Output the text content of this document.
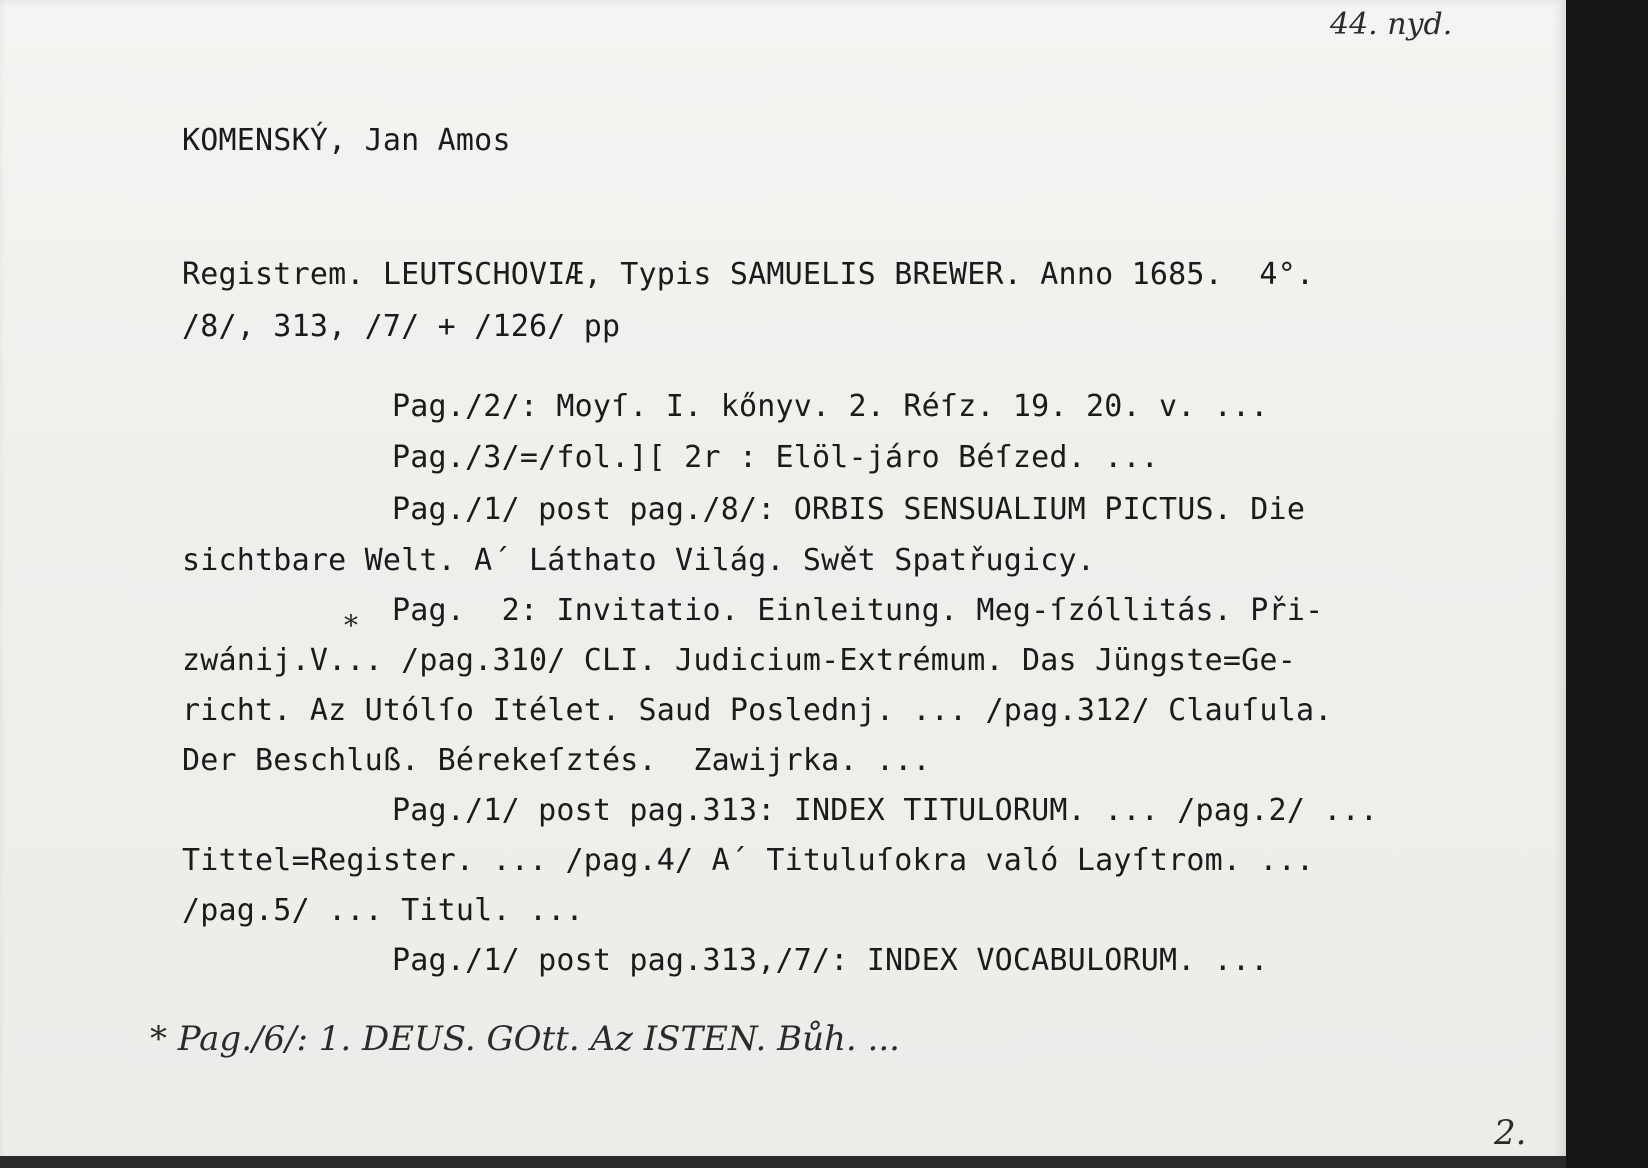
44. nyd.
KOMENSKÝ, Jan Amos
Registrem. LEUTSCHOVIÆ, Typis SAMUELIS BREWER. Anno 1685.  4°.
/8/, 313, /7/ + /126/ pp
Pag./2/: Moyſ. I. kőnyv. 2. Réſz. 19. 20. v. ...
Pag./3/=/fol.][ 2r : Elöl-járo Béſzed. ...
Pag./1/ post pag./8/: ORBIS SENSUALIUM PICTUS. Die
sichtbare Welt. A´ Láthato Világ. Swět Spatřugicy.
Pag.  2: Invitatio. Einleitung. Meg-ſzóllitás. Při-
zwánij.V... /pag.310/ CLI. Judicium-Extrémum. Das Jüngste=Ge-
richt. Az Utólſo Itélet. Saud Poslednj. ... /pag.312/ Clauſula.
Der Beschluß. Bérekeſztés.  Zawijrka. ...
Pag./1/ post pag.313: INDEX TITULORUM. ... /pag.2/ ...
Tittel=Register. ... /pag.4/ A´ Tituluſokra való Layſtrom. ...
/pag.5/ ... Titul. ...
Pag./1/ post pag.313,/7/: INDEX VOCABULORUM. ...
*
* Pag./6/: 1. DEUS. GOtt. Az ISTEN. Bůh. ...
2.
